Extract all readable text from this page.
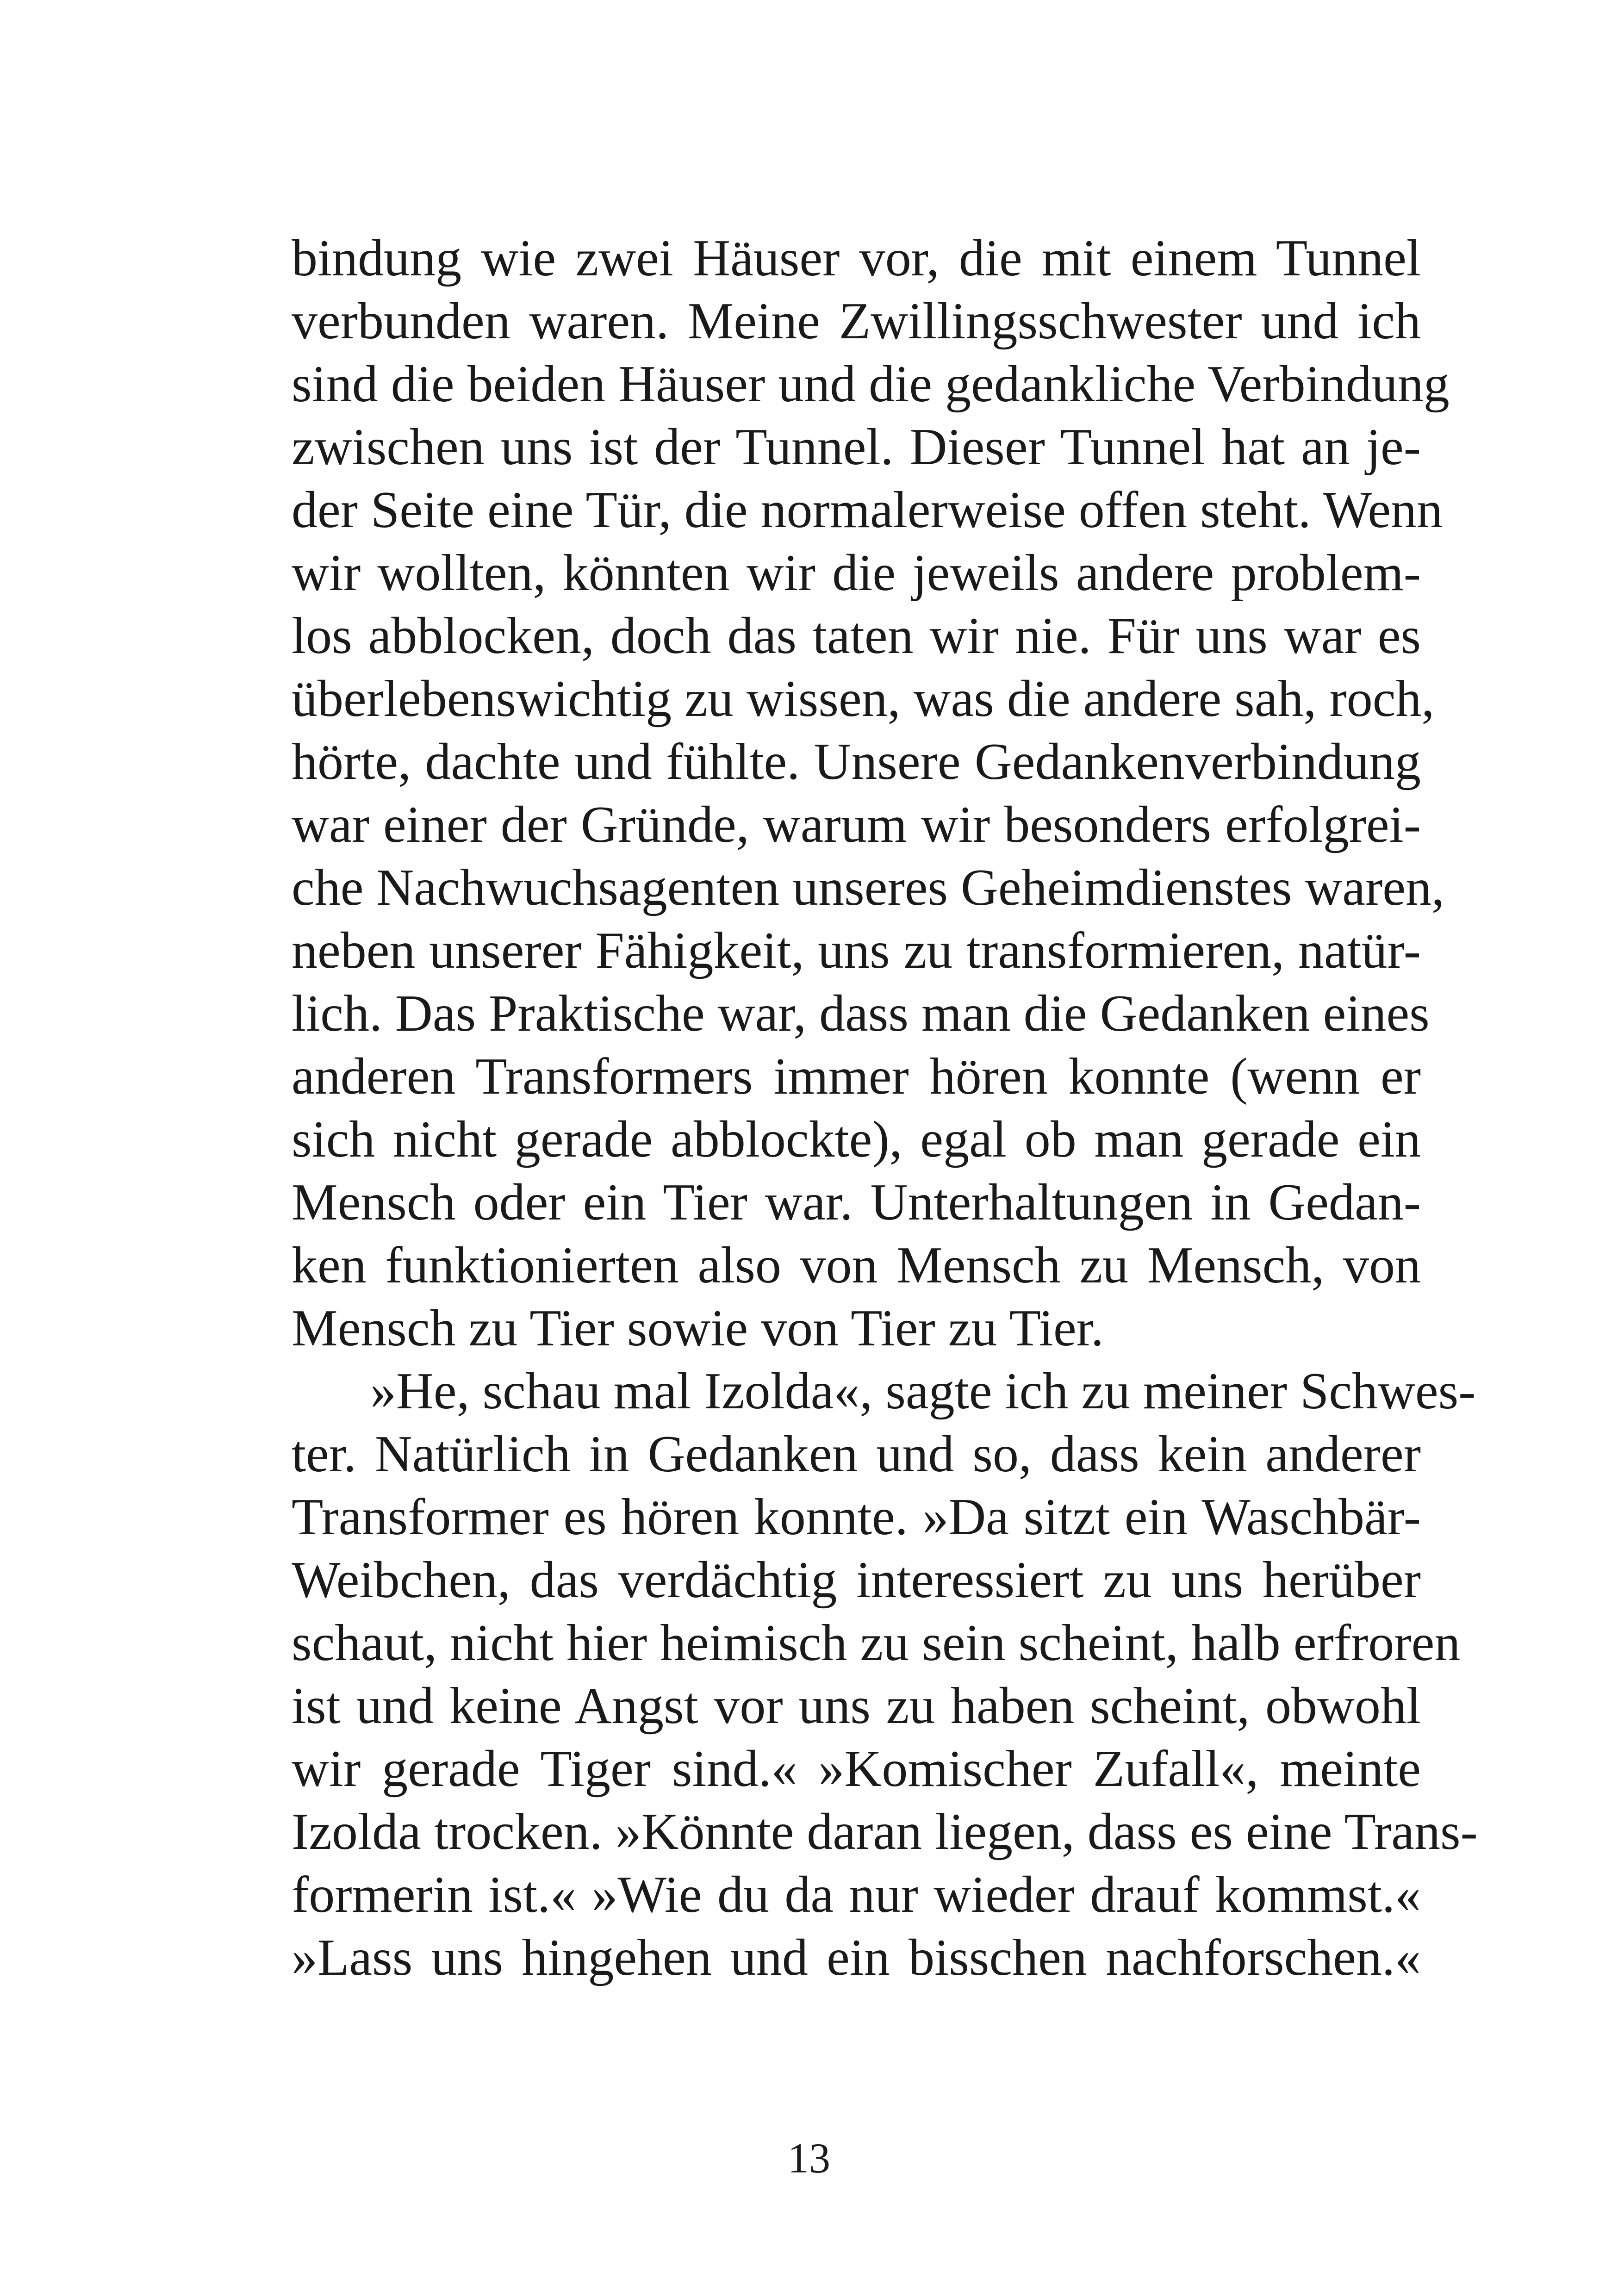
bindung wie zwei Häuser vor, die mit einem Tunnel
verbunden waren. Meine Zwillingsschwester und ich
sind die beiden Häuser und die gedankliche Verbindung
zwischen uns ist der Tunnel. Dieser Tunnel hat an je-
der Seite eine Tür, die normalerweise offen steht. Wenn
wir wollten, könnten wir die jeweils andere problem-
los abblocken, doch das taten wir nie. Für uns war es
überlebenswichtig zu wissen, was die andere sah, roch,
hörte, dachte und fühlte. Unsere Gedankenverbindung
war einer der Gründe, warum wir besonders erfolgrei-
che Nachwuchsagenten unseres Geheimdienstes waren,
neben unserer Fähigkeit, uns zu transformieren, natür-
lich. Das Praktische war, dass man die Gedanken eines
anderen Transformers immer hören konnte (wenn er
sich nicht gerade abblockte), egal ob man gerade ein
Mensch oder ein Tier war. Unterhaltungen in Gedan-
ken funktionierten also von Mensch zu Mensch, von
Mensch zu Tier sowie von Tier zu Tier.
»He, schau mal Izolda«, sagte ich zu meiner Schwes-
ter. Natürlich in Gedanken und so, dass kein anderer
Transformer es hören konnte. »Da sitzt ein Waschbär-
Weibchen, das verdächtig interessiert zu uns herüber
schaut, nicht hier heimisch zu sein scheint, halb erfroren
ist und keine Angst vor uns zu haben scheint, obwohl
wir gerade Tiger sind.« »Komischer Zufall«, meinte
Izolda trocken. »Könnte daran liegen, dass es eine Trans-
formerin ist.« »Wie du da nur wieder drauf kommst.«
»Lass uns hingehen und ein bisschen nachforschen.«
13
